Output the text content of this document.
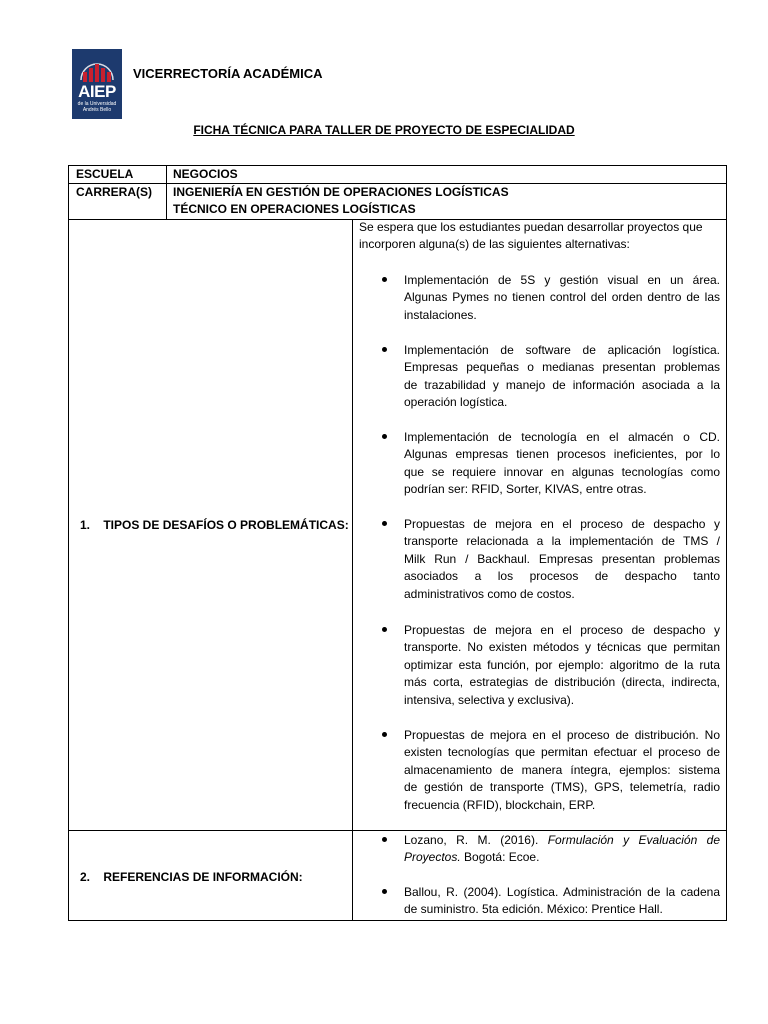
AIEP
de la Universidad
Andrés Bello
VICERRECTORÍA ACADÉMICA
FICHA TÉCNICA PARA TALLER DE PROYECTO DE ESPECIALIDAD
ESCUELA	NEGOCIOS
CARRERA(S) INGENIERÍA EN GESTIÓN DE OPERACIONES LOGÍSTICAS
TÉCNICO EN OPERACIONES LOGÍSTICAS
1.    TIPOS DE DESAFÍOS O PROBLEMÁTICAS:
Se espera que los estudiantes puedan desarrollar proyectos que
incorporen alguna(s) de las siguientes alternativas:
Implementación de 5S y gestión visual en un área.
Algunas Pymes no tienen control del orden dentro de las
instalaciones.
Implementación de software de aplicación logística.
Empresas pequeñas o medianas presentan problemas
de trazabilidad y manejo de información asociada a la
operación logística.
Implementación de tecnología en el almacén o CD.
Algunas empresas tienen procesos ineficientes, por lo
que se requiere innovar en algunas tecnologías como
podrían ser: RFID, Sorter, KIVAS, entre otras.
Propuestas de mejora en el proceso de despacho y
transporte relacionada a la implementación de TMS /
Milk Run / Backhaul. Empresas presentan problemas
asociados a los procesos de despacho tanto
administrativos como de costos.
Propuestas de mejora en el proceso de despacho y
transporte. No existen métodos y técnicas que permitan
optimizar esta función, por ejemplo: algoritmo de la ruta
más corta, estrategias de distribución (directa, indirecta,
intensiva, selectiva y exclusiva).
Propuestas de mejora en el proceso de distribución. No
existen tecnologías que permitan efectuar el proceso de
almacenamiento de manera íntegra, ejemplos: sistema
de gestión de transporte (TMS), GPS, telemetría, radio
frecuencia (RFID), blockchain, ERP.
2.    REFERENCIAS DE INFORMACIÓN:
Lozano, R. M. (2016). Formulación y Evaluación de
Proyectos. Bogotá: Ecoe.
Ballou, R. (2004). Logística. Administración de la cadena
de suministro. 5ta edición. México: Prentice Hall.
